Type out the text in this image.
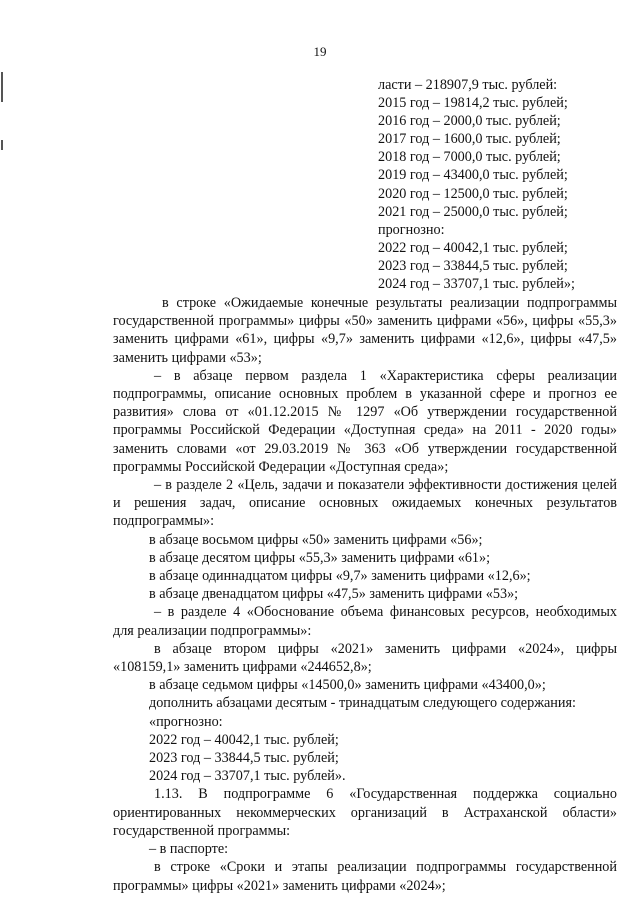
19
ласти – 218907,9 тыс. рублей:
2015 год – 19814,2 тыс. рублей;
2016 год – 2000,0 тыс. рублей;
2017 год – 1600,0 тыс. рублей;
2018 год – 7000,0 тыс. рублей;
2019 год – 43400,0 тыс. рублей;
2020 год – 12500,0 тыс. рублей;
2021 год – 25000,0 тыс. рублей;
прогнозно:
2022 год – 40042,1 тыс. рублей;
2023 год – 33844,5 тыс. рублей;
2024 год – 33707,1 тыс. рублей»;

в строке «Ожидаемые конечные результаты реализации подпрограммы государственной программы» цифры «50» заменить цифрами «56», цифры «55,3» заменить цифрами «61», цифры «9,7» заменить цифрами «12,6», цифры «47,5» заменить цифрами «53»;

– в абзаце первом раздела 1 «Характеристика сферы реализации подпрограммы, описание основных проблем в указанной сфере и прогноз ее развития» слова от «01.12.2015 № 1297 «Об утверждении государственной программы Российской Федерации «Доступная среда» на 2011 - 2020 годы» заменить словами «от 29.03.2019 № 363 «Об утверждении государственной программы Российской Федерации «Доступная среда»;

– в разделе 2 «Цель, задачи и показатели эффективности достижения целей и решения задач, описание основных ожидаемых конечных результатов подпрограммы»:

в абзаце восьмом цифры «50» заменить цифрами «56»;

в абзаце десятом цифры «55,3» заменить цифрами «61»;

в абзаце одиннадцатом цифры «9,7» заменить цифрами «12,6»;

в абзаце двенадцатом цифры «47,5» заменить цифрами «53»;

– в разделе 4 «Обоснование объема финансовых ресурсов, необходимых для реализации подпрограммы»:

в абзаце втором цифры «2021» заменить цифрами «2024», цифры «108159,1» заменить цифрами «244652,8»;

в абзаце седьмом цифры «14500,0» заменить цифрами «43400,0»;

дополнить абзацами десятым - тринадцатым следующего содержания:

«прогнозно:

2022 год – 40042,1 тыс. рублей;

2023 год – 33844,5 тыс. рублей;

2024 год – 33707,1 тыс. рублей».

1.13. В подпрограмме 6 «Государственная поддержка социально ориентированных некоммерческих организаций в Астраханской области» государственной программы:

– в паспорте:

в строке «Сроки и этапы реализации подпрограммы государственной программы» цифры «2021» заменить цифрами «2024»;
